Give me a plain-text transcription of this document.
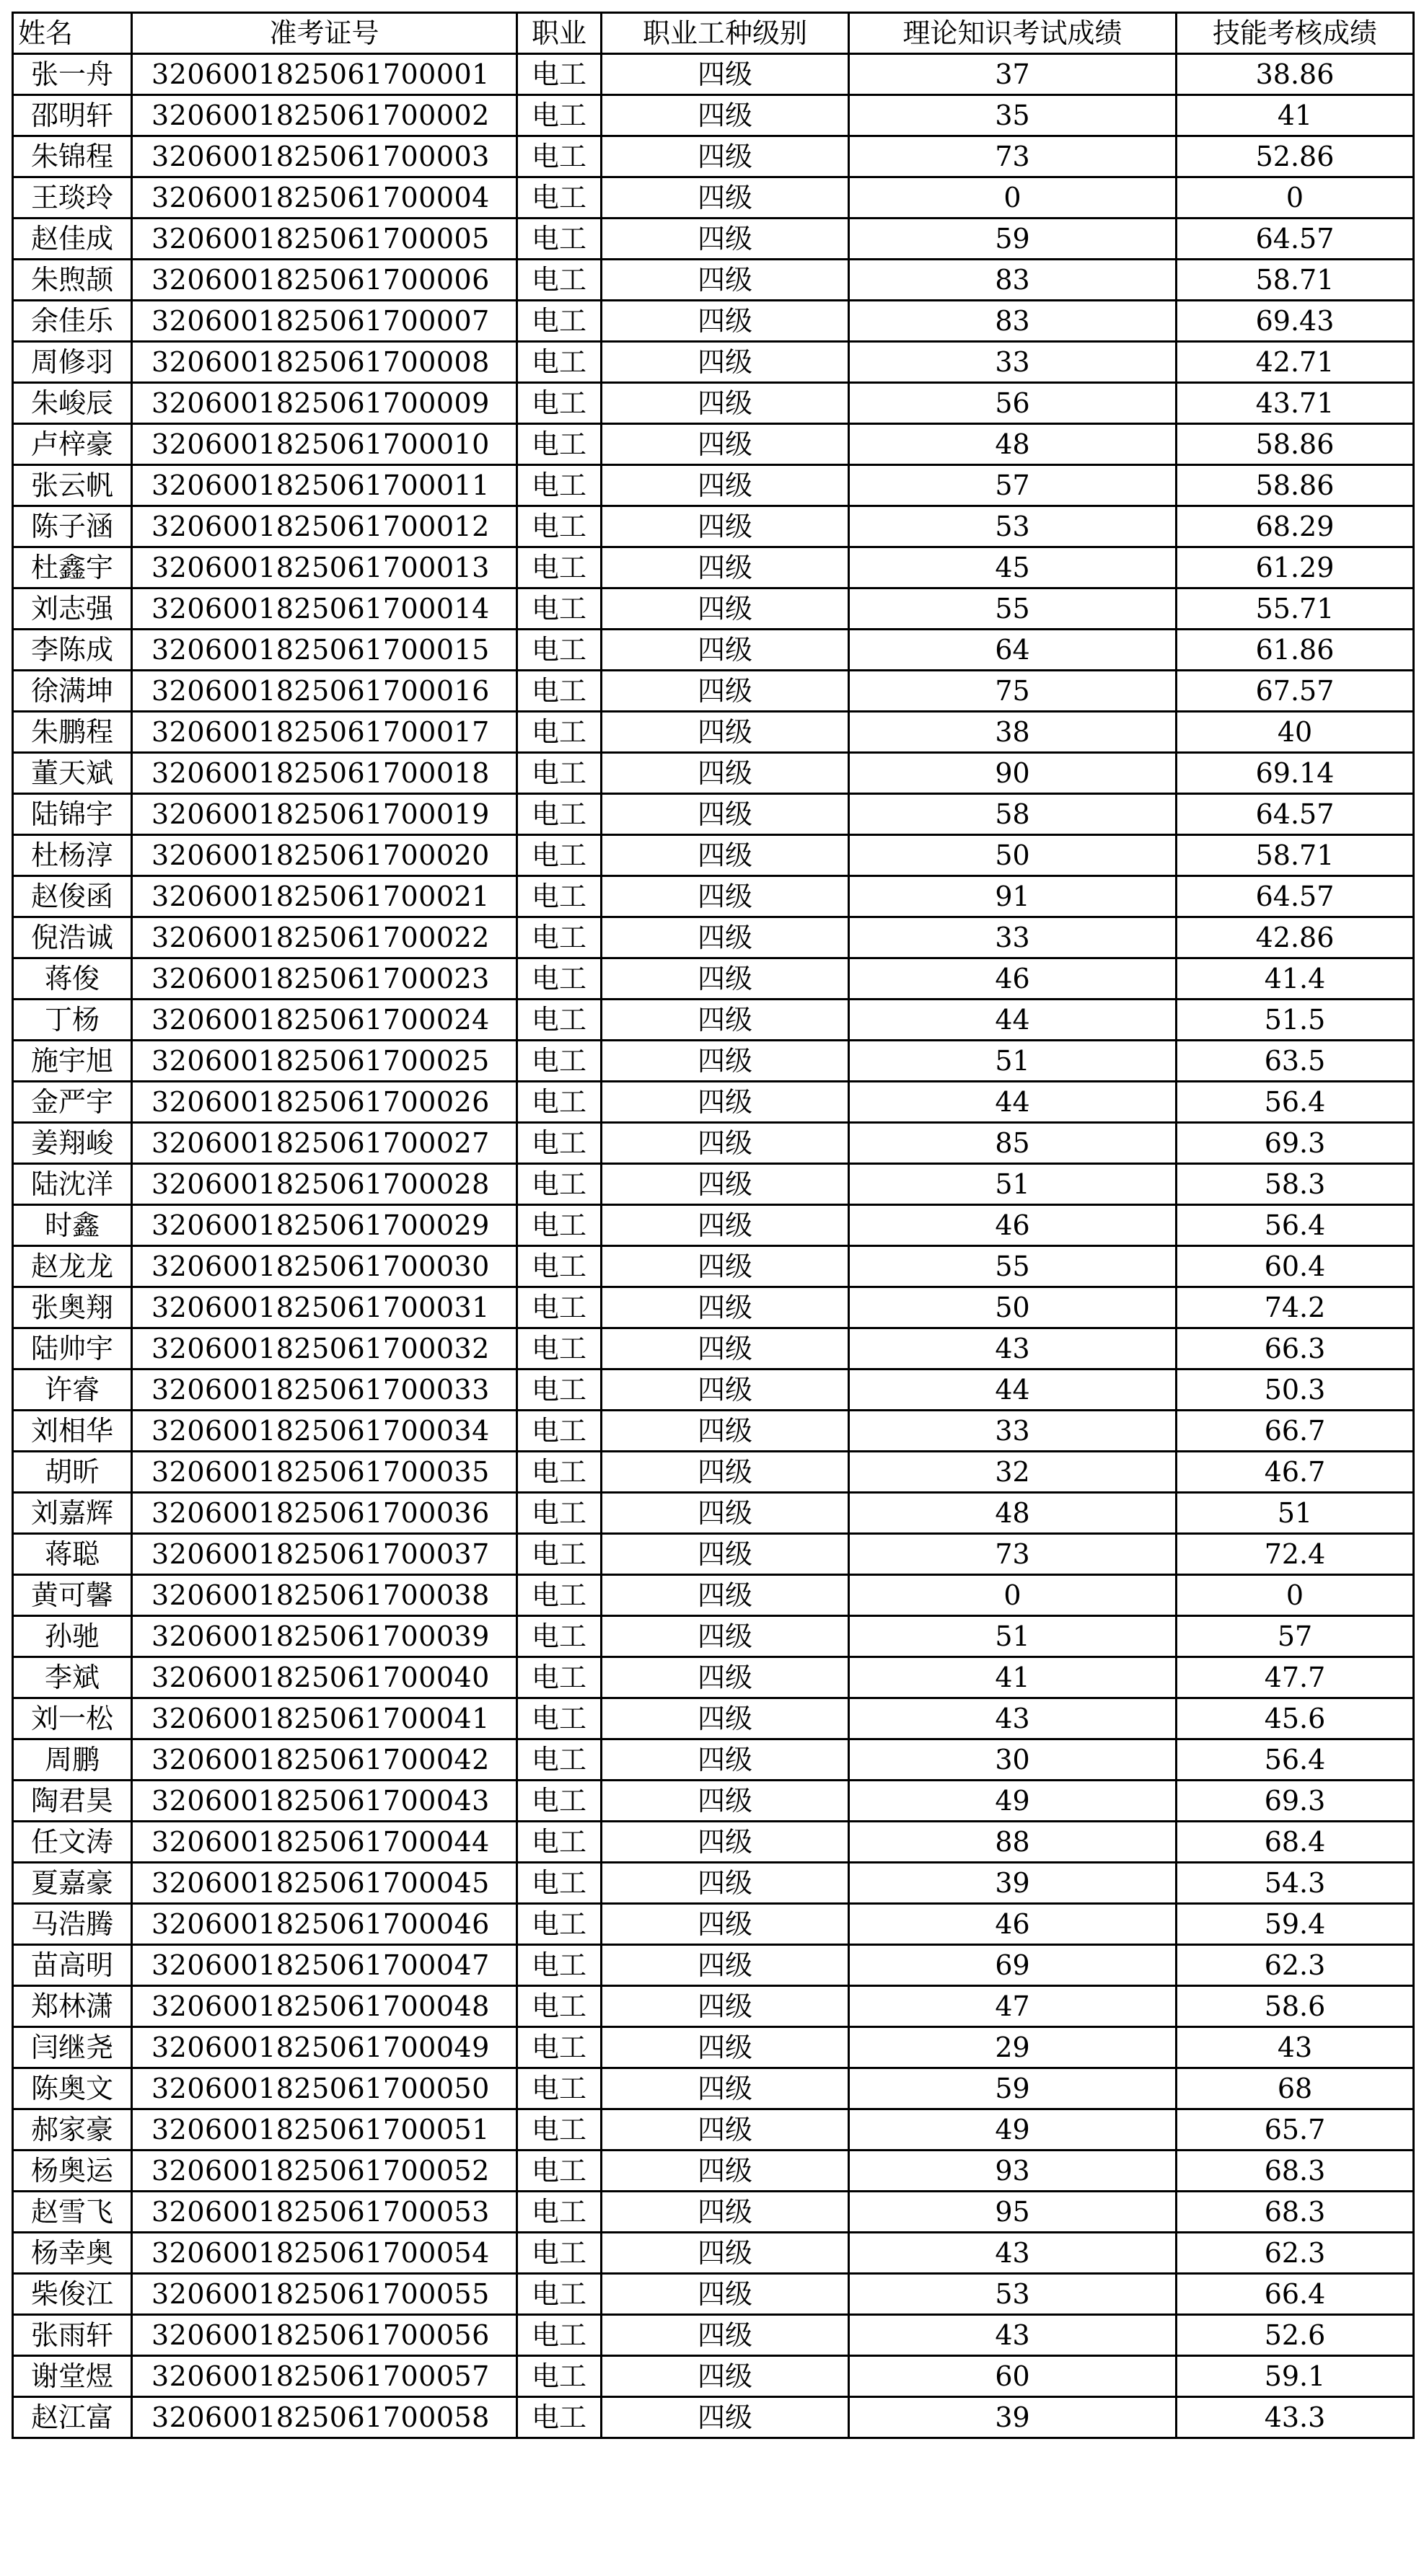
姓名	准考证号	职业	职业工种级别	理论知识考试成绩	技能考核成绩
张一舟	3206001825061700001	电工	四级	37	38.86
邵明轩	3206001825061700002	电工	四级	35	41
朱锦程	3206001825061700003	电工	四级	73	52.86
王琰玲	3206001825061700004	电工	四级	0	0
赵佳成	3206001825061700005	电工	四级	59	64.57
朱煦颉	3206001825061700006	电工	四级	83	58.71
余佳乐	3206001825061700007	电工	四级	83	69.43
周修羽	3206001825061700008	电工	四级	33	42.71
朱峻辰	3206001825061700009	电工	四级	56	43.71
卢梓豪	3206001825061700010	电工	四级	48	58.86
张云帆	3206001825061700011	电工	四级	57	58.86
陈子涵	3206001825061700012	电工	四级	53	68.29
杜鑫宇	3206001825061700013	电工	四级	45	61.29
刘志强	3206001825061700014	电工	四级	55	55.71
李陈成	3206001825061700015	电工	四级	64	61.86
徐满坤	3206001825061700016	电工	四级	75	67.57
朱鹏程	3206001825061700017	电工	四级	38	40
董天斌	3206001825061700018	电工	四级	90	69.14
陆锦宇	3206001825061700019	电工	四级	58	64.57
杜杨淳	3206001825061700020	电工	四级	50	58.71
赵俊函	3206001825061700021	电工	四级	91	64.57
倪浩诚	3206001825061700022	电工	四级	33	42.86
蒋俊	3206001825061700023	电工	四级	46	41.4
丁杨	3206001825061700024	电工	四级	44	51.5
施宇旭	3206001825061700025	电工	四级	51	63.5
金严宇	3206001825061700026	电工	四级	44	56.4
姜翔峻	3206001825061700027	电工	四级	85	69.3
陆沈洋	3206001825061700028	电工	四级	51	58.3
时鑫	3206001825061700029	电工	四级	46	56.4
赵龙龙	3206001825061700030	电工	四级	55	60.4
张奥翔	3206001825061700031	电工	四级	50	74.2
陆帅宇	3206001825061700032	电工	四级	43	66.3
许睿	3206001825061700033	电工	四级	44	50.3
刘相华	3206001825061700034	电工	四级	33	66.7
胡昕	3206001825061700035	电工	四级	32	46.7
刘嘉辉	3206001825061700036	电工	四级	48	51
蒋聪	3206001825061700037	电工	四级	73	72.4
黄可馨	3206001825061700038	电工	四级	0	0
孙驰	3206001825061700039	电工	四级	51	57
李斌	3206001825061700040	电工	四级	41	47.7
刘一松	3206001825061700041	电工	四级	43	45.6
周鹏	3206001825061700042	电工	四级	30	56.4
陶君昊	3206001825061700043	电工	四级	49	69.3
任文涛	3206001825061700044	电工	四级	88	68.4
夏嘉豪	3206001825061700045	电工	四级	39	54.3
马浩腾	3206001825061700046	电工	四级	46	59.4
苗高明	3206001825061700047	电工	四级	69	62.3
郑林潇	3206001825061700048	电工	四级	47	58.6
闫继尧	3206001825061700049	电工	四级	29	43
陈奥文	3206001825061700050	电工	四级	59	68
郝家豪	3206001825061700051	电工	四级	49	65.7
杨奥运	3206001825061700052	电工	四级	93	68.3
赵雪飞	3206001825061700053	电工	四级	95	68.3
杨幸奥	3206001825061700054	电工	四级	43	62.3
柴俊江	3206001825061700055	电工	四级	53	66.4
张雨轩	3206001825061700056	电工	四级	43	52.6
谢堂煜	3206001825061700057	电工	四级	60	59.1
赵江富	3206001825061700058	电工	四级	39	43.3
